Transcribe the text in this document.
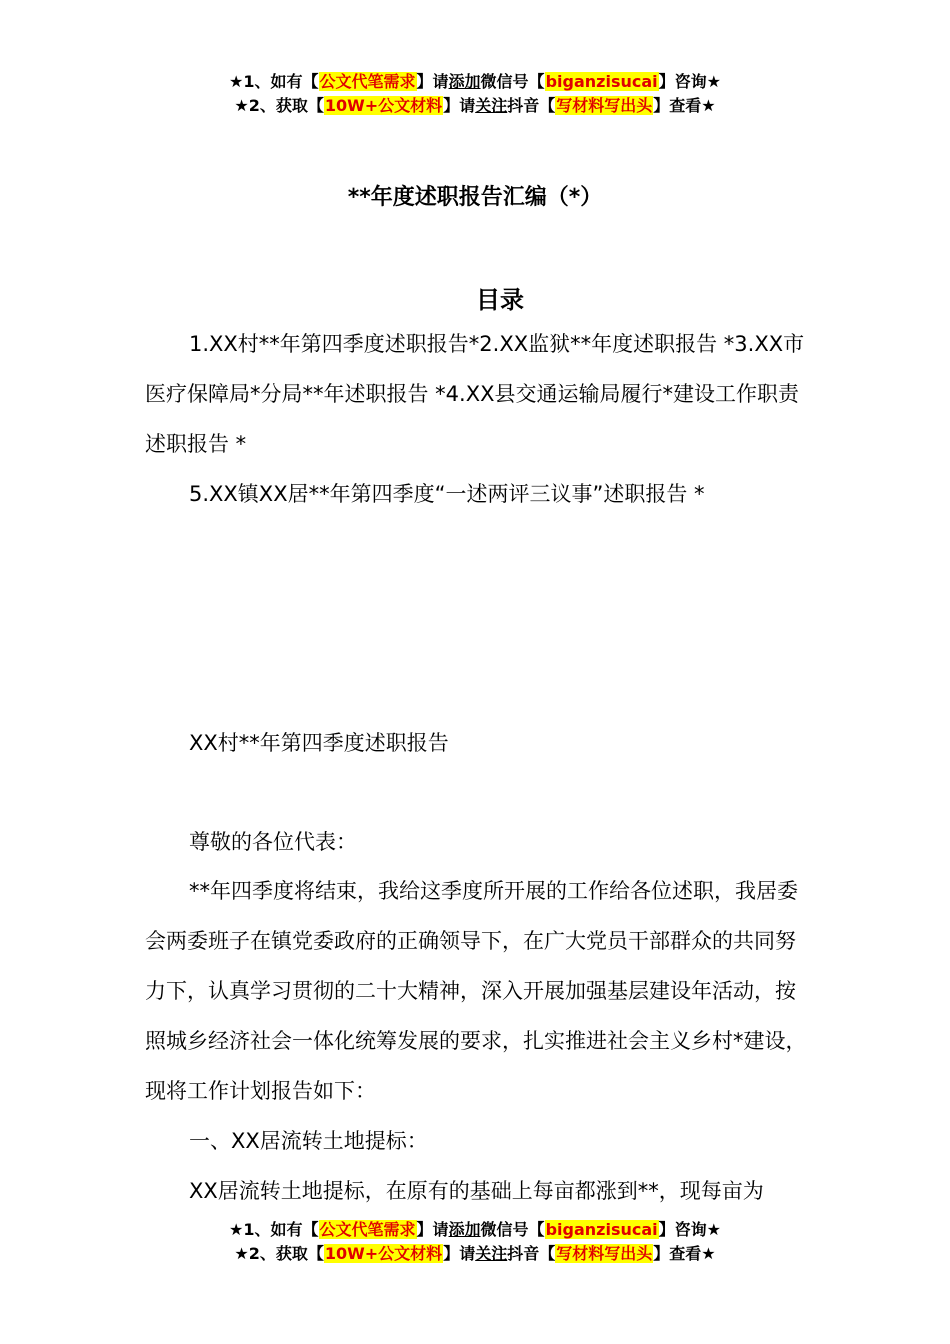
★1、如有【公文代笔需求】请添加微信号【biganzisucai】咨询★
★2、获取【10W+公文材料】请关注抖音【写材料写出头】查看★
**年度述职报告汇编（*）
目录

1.XX村**年第四季度述职报告*2.XX监狱**年度述职报告 *3.XX市医疗保障局*分局**年述职报告 *4.XX县交通运输局履行*建设工作职责述职报告 *

5.XX镇XX居**年第四季度“一述两评三议事”述职报告 *

XX村**年第四季度述职报告

尊敬的各位代表：

**年四季度将结束，我给这季度所开展的工作给各位述职，我居委会两委班子在镇党委政府的正确领导下，在广大党员干部群众的共同努力下，认真学习贯彻的二十大精神，深入开展加强基层建设年活动，按照城乡经济社会一体化统筹发展的要求，扎实推进社会主义乡村*建设，现将工作计划报告如下：

一、XX居流转土地提标：

XX居流转土地提标，在原有的基础上每亩都涨到**，现每亩为

★1、如有【公文代笔需求】请添加微信号【biganzisucai】咨询★
★2、获取【10W+公文材料】请关注抖音【写材料写出头】查看★
